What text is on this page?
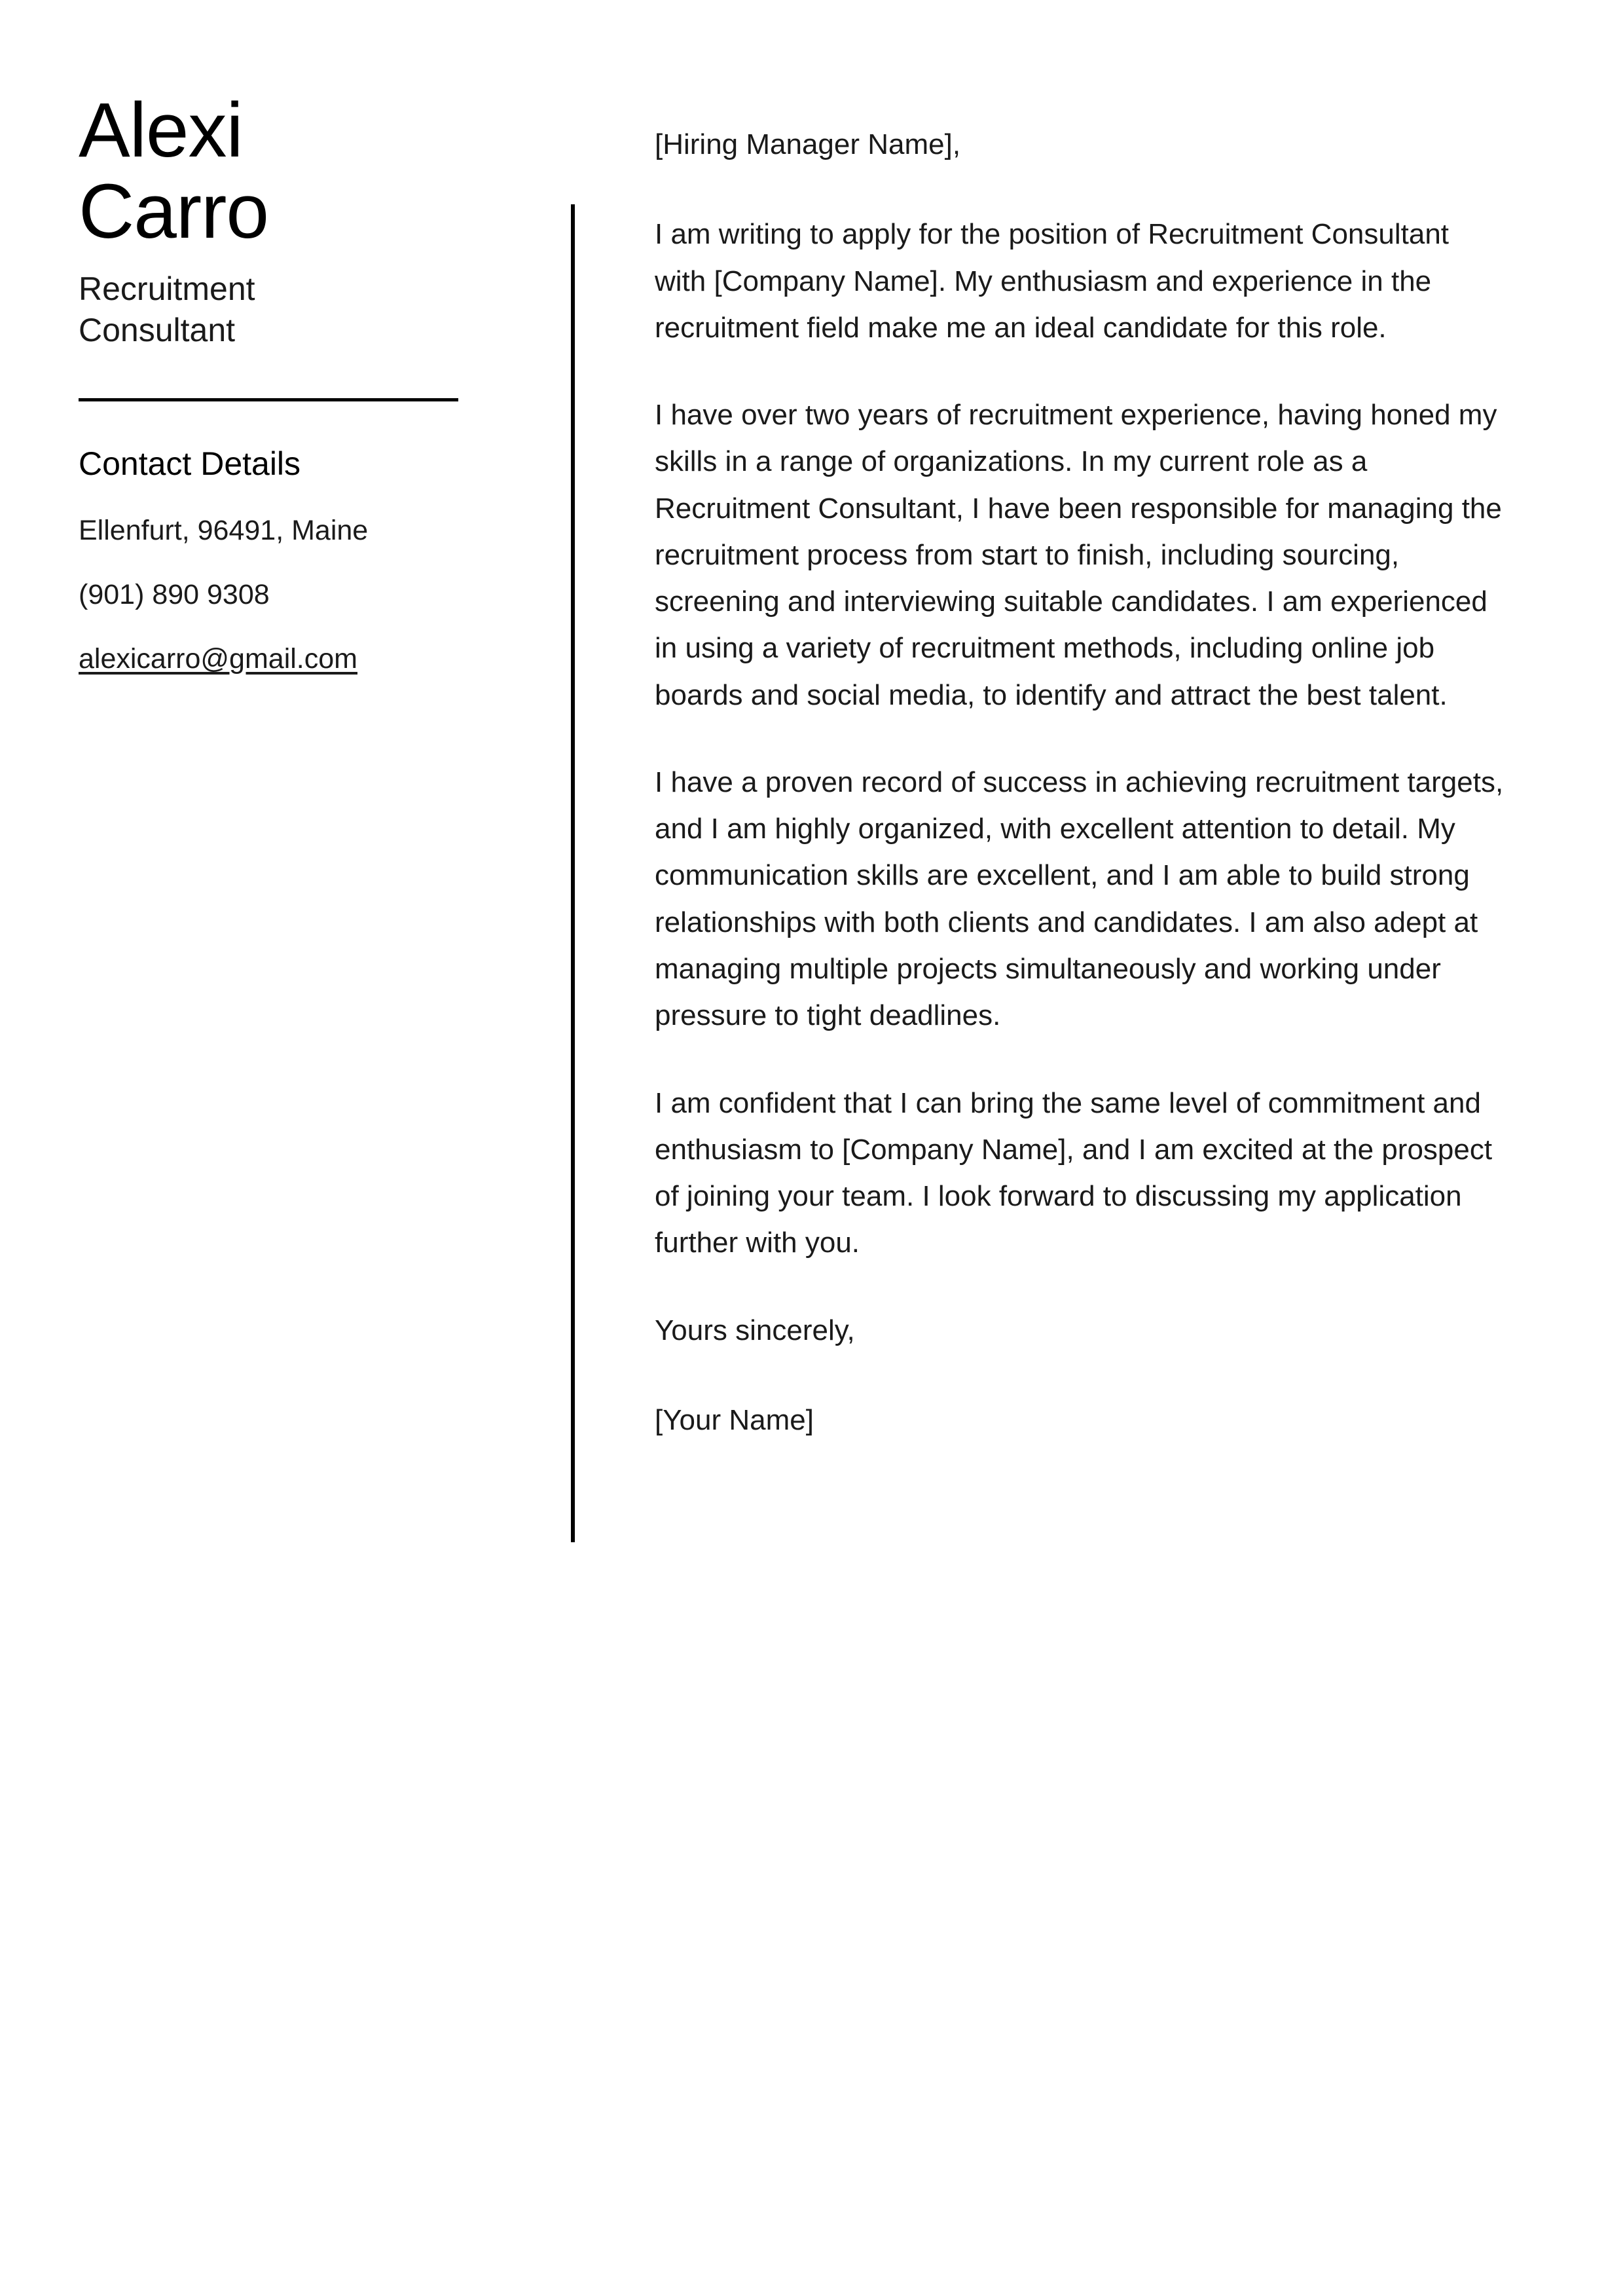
Alexi
Carro
Recruitment Consultant
Contact Details
Ellenfurt, 96491, Maine
(901) 890 9308
alexicarro@gmail.com

[Hiring Manager Name],

I am writing to apply for the position of Recruitment Consultant with [Company Name]. My enthusiasm and experience in the recruitment field make me an ideal candidate for this role.

I have over two years of recruitment experience, having honed my skills in a range of organizations. In my current role as a Recruitment Consultant, I have been responsible for managing the recruitment process from start to finish, including sourcing, screening and interviewing suitable candidates. I am experienced in using a variety of recruitment methods, including online job boards and social media, to identify and attract the best talent.

I have a proven record of success in achieving recruitment targets, and I am highly organized, with excellent attention to detail. My communication skills are excellent, and I am able to build strong relationships with both clients and candidates. I am also adept at managing multiple projects simultaneously and working under pressure to tight deadlines.

I am confident that I can bring the same level of commitment and enthusiasm to [Company Name], and I am excited at the prospect of joining your team. I look forward to discussing my application further with you.

Yours sincerely,

[Your Name]
